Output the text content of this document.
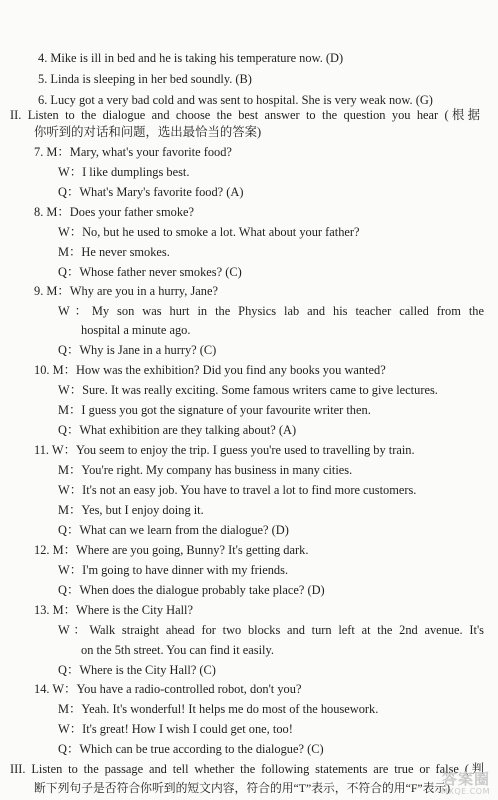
4. Mike is ill in bed and he is taking his temperature now. (D)
5. Linda is sleeping in her bed soundly. (B)
6. Lucy got a very bad cold and was sent to hospital. She is very weak now. (G)
II. Listen to the dialogue and choose the best answer to the question you hear (根据
你听到的对话和问题，选出最恰当的答案)
7. M：Mary, what's your favorite food?
W：I like dumplings best.
Q：What's Mary's favorite food? (A)
8. M：Does your father smoke?
W：No, but he used to smoke a lot. What about your father?
M：He never smokes.
Q：Whose father never smokes? (C)
9. M：Why are you in a hurry, Jane?
W：My son was hurt in the Physics lab and his teacher called from the
hospital a minute ago.
Q：Why is Jane in a hurry? (C)
10. M：How was the exhibition? Did you find any books you wanted?
W：Sure. It was really exciting. Some famous writers came to give lectures.
M：I guess you got the signature of your favourite writer then.
Q：What exhibition are they talking about? (A)
11. W：You seem to enjoy the trip. I guess you're used to travelling by train.
M：You're right. My company has business in many cities.
W：It's not an easy job. You have to travel a lot to find more customers.
M：Yes, but I enjoy doing it.
Q：What can we learn from the dialogue? (D)
12. M：Where are you going, Bunny? It's getting dark.
W：I'm going to have dinner with my friends.
Q：When does the dialogue probably take place? (D)
13. M：Where is the City Hall?
W：Walk straight ahead for two blocks and turn left at the 2nd avenue. It's
on the 5th street. You can find it easily.
Q：Where is the City Hall? (C)
14. W：You have a radio-controlled robot, don't you?
M：Yeah. It's wonderful! It helps me do most of the housework.
W：It's great! How I wish I could get one, too!
Q：Which can be true according to the dialogue? (C)
III. Listen to the passage and tell whether the following statements are true or false (判
断下列句子是否符合你听到的短文内容，符合的用“T”表示，不符合的用“F”表示)
答案圈
MXQE.COM
